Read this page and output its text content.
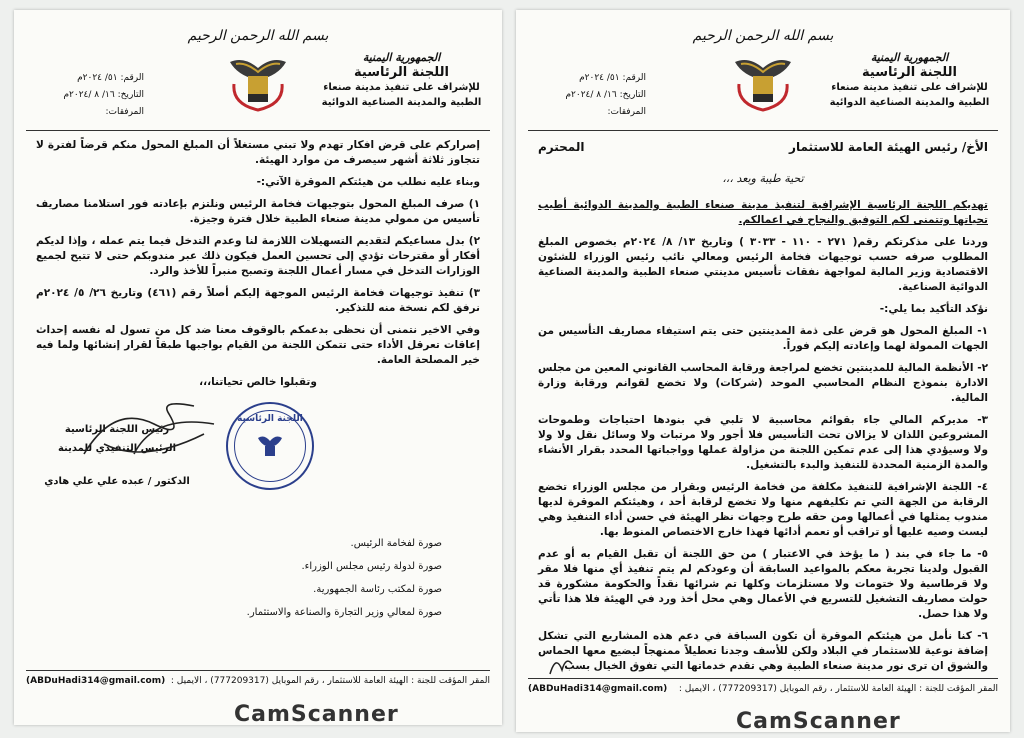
بسم الله الرحمن الرحيم
الجمهورية اليمنية
اللجنة الرئاسية
للإشراف على تنفيذ مدينة صنعاء
الطبية والمدينة الصناعية الدوائية
الرقم: ٥١/ ٢٠٢٤م
التاريخ: ١٦/ ٨ /٢٠٢٤م
المرفقات:

إصراركم على قرض افكار تهدم ولا تبني مستغلاً أن المبلغ المحول منكم قرضاً لفترة لا تتجاوز ثلاثة أشهر سيصرف من موارد الهيئة.

وبناء عليه نطلب من هيئتكم الموقرة الآتي:-

١) صرف المبلغ المحول بتوجيهات فخامة الرئيس ونلتزم بإعادته فور استلامنا مصاريف تأسيس من ممولي مدينة صنعاء الطبية خلال فترة وجيزة.

٢) بدل مساعيكم لتقديم التسهيلات اللازمة لنا وعدم التدخل فيما يتم عمله ، وإذا لديكم أفكار أو مقترحات تؤدي إلى تحسين العمل فيكون ذلك عبر مندوبكم حتى لا تتيح لجميع الوزارات التدخل في مسار أعمال اللجنة وتصبح منبراً للأخذ والرد.

٣) تنفيذ توجيهات فخامة الرئيس الموجهة إليكم أصلاً رقم (٤٦١) وتاريخ ٢٦/ ٥/ ٢٠٢٤م نرفق لكم نسخة منه للتذكير.

وفي الاخير نتمنى أن نحظى بدعمكم بالوقوف معنا ضد كل من تسول له نفسه إحداث إعاقات تعرقل الأداء حتى تتمكن اللجنة من القيام بواجبها طبقاً لقرار إنشائها ولما فيه خير المصلحة العامة.

وتقبلوا خالص تحياتنا،،،

رئيس اللجنة الرئاسية
الرئيس التنفيذي للمدينة
الدكتور / عبده علي علي هادي
اللجنة الرئاسية
صورة لفخامة الرئيس.
صورة لدولة رئيس مجلس الوزراء.
صورة لمكتب رئاسة الجمهورية.
صورة لمعالي وزير التجارة والصناعة والاستثمار.
المقر المؤقت للجنة : الهيئة العامة للاستثمار ، رقم الموبايل (777209317) ، الايميل :
(ABDuHadi314@gmail.com)
CamScanner
بسم الله الرحمن الرحيم
الجمهورية اليمنية
اللجنة الرئاسية
للإشراف على تنفيذ مدينة صنعاء
الطبية والمدينة الصناعية الدوائية
الرقم: ٥١/ ٢٠٢٤م
التاريخ: ١٦/ ٨ /٢٠٢٤م
المرفقات:
الأخ/ رئيس الهيئة العامة للاستثمار
المحترم
تحية طيبة وبعد ،،،

تهديكم اللجنة الرئاسية الإشرافية لتنفيذ مدينة صنعاء الطبية والمدينة الدوائية أطيب تحياتها وتتمنى لكم التوفيق والنجاح في اعمالكم.

وردنا على مذكرتكم رقم( ٢٧١ - ١١٠ - ٣٠٣٣ ) وتاريخ ١٣/ ٨/ ٢٠٢٤م بخصوص المبلغ المطلوب صرفه حسب توجيهات فخامة الرئيس ومعالي نائب رئيس الوزراء للشئون الاقتصادية وزير المالية لمواجهة نفقات تأسيس مدينتي صنعاء الطبية والمدينة الصناعية الدوائية الصناعية.

نؤكد التأكيد بما يلي:-

١- المبلغ المحول هو قرض على ذمة المدينتين حتى يتم استيفاء مصاريف التأسيس من الجهات الممولة لهما وإعادته إليكم فوراً.

٢- الأنظمة المالية للمدينتين تخضع لمراجعة ورقابة المحاسب القانوني المعين من مجلس الادارة بنموذج النظام المحاسبي الموحد (شركات) ولا تخضع لقوانم ورقابة وزارة المالية.

٣- مديركم المالي جاء بقوائم محاسبية لا تلبي في بنودها احتياجات وطموحات المشروعين اللذان لا يزالان تحت التأسيس فلا أجور ولا مرتبات ولا وسائل نقل ولا ولا ولا وسيؤدي هذا إلى عدم تمكين اللجنة من مزاولة عملها وواجباتها المحدد بقرار الأنشاء والمدة الزمنية المحددة للتنفيذ والبدء بالتشغيل.

٤- اللجنة الإشرافية للتنفيذ مكلفة من فخامة الرئيس وبقرار من مجلس الوزراء تخضع الرقابة من الجهة التي تم تكليفهم منها ولا تخضع لرقابة أحد ، وهيئتكم الموقرة لديها مندوب يمثلها في أعمالها ومن حقه طرح وجهات نظر الهيئة في حسن أداء التنفيذ وهي ليست وصيه عليها أو تراقب أو تعمم أدائها فهذا خارج الاختصاص المنوط بها.

٥- ما جاء في بند ( ما يؤخذ في الاعتبار ) من حق اللجنة أن تقبل القيام به أو عدم القبول ولدينا تجربة معكم بالمواعيد السابقة أن وعودكم لم يتم تنفيذ أي منها فلا مقر ولا قرطاسية ولا ختومات ولا مستلزمات وكلها تم شرائها نقداً والحكومة مشكورة قد حولت مصاريف التشغيل للتسريع في الأعمال وهي محل أخذ ورد في الهيئة فلا هذا تأتي ولا هذا حصل.

٦- كنا نأمل من هيئتكم الموقرة أن تكون السباقة في دعم هذه المشاريع التي تشكل إضافة نوعية للاستثمار في البلاد ولكن للأسف وجدنا تعطيلاً ممنهجاً ليضيع معها الحماس والشوق ان ترى نور مدينة صنعاء الطبية وهي تقدم خدماتها التي تفوق الخيال بسب

المقر المؤقت للجنة : الهيئة العامة للاستثمار ، رقم الموبايل (777209317) ، الايميل :
(ABDuHadi314@gmail.com)
CamScanner
